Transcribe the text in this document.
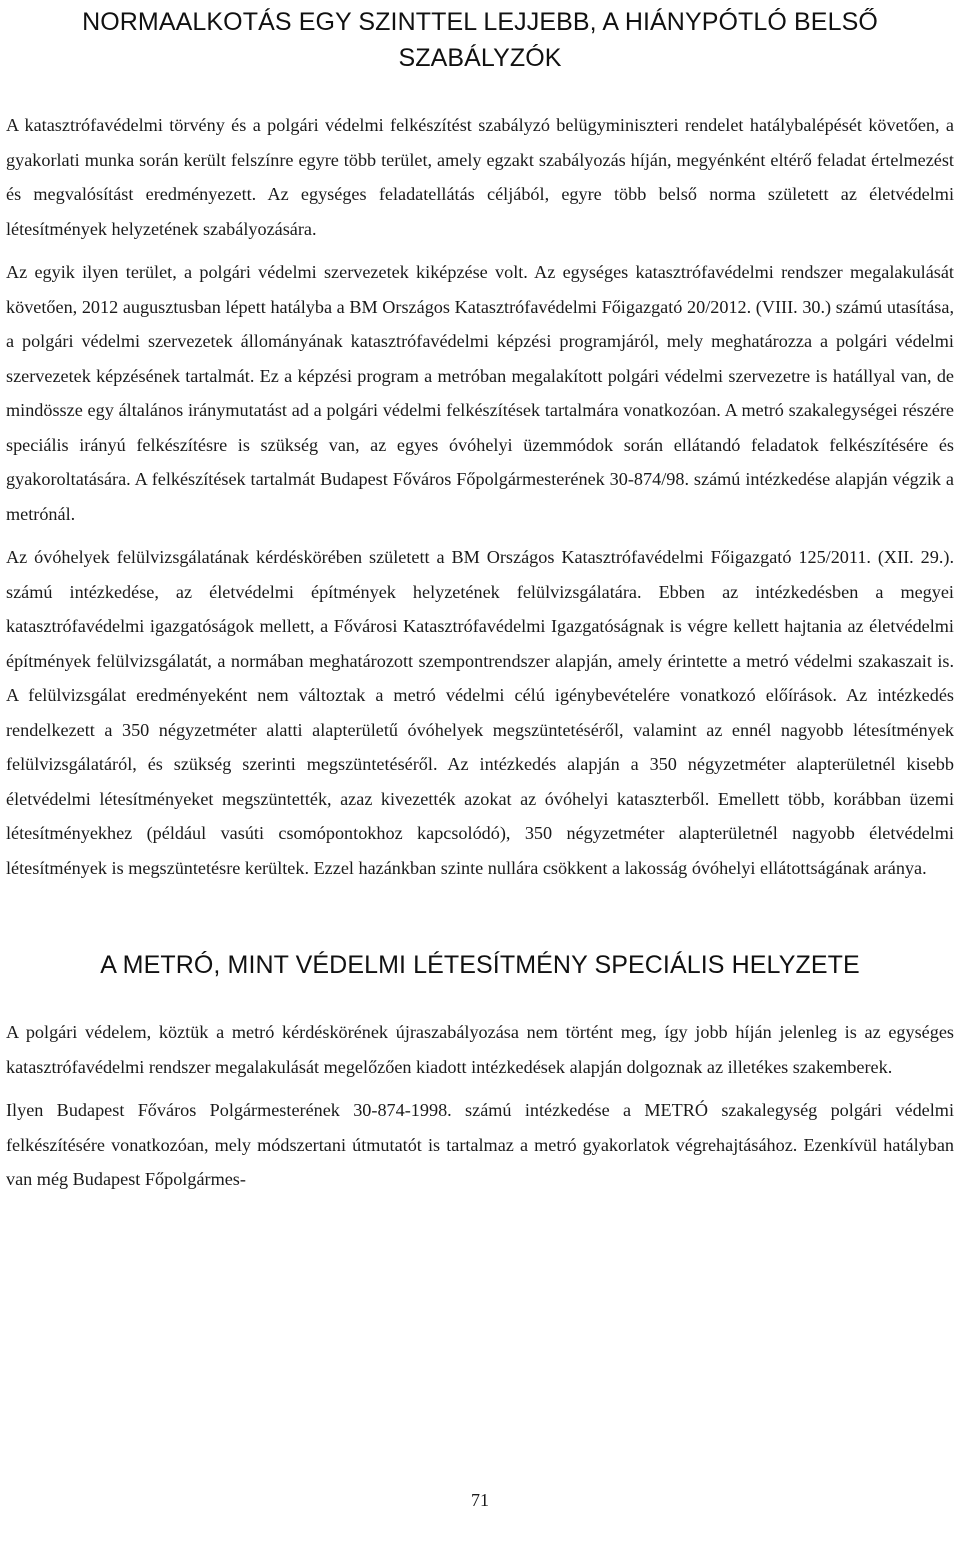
NORMAALKOTÁS EGY SZINTTEL LEJJEBB, A HIÁNYPÓTLÓ BELSŐ SZABÁLYZÓK

A katasztrófavédelmi törvény és a polgári védelmi felkészítést szabályzó belügyminiszteri rendelet hatálybalépését követően, a gyakorlati munka során került felszínre egyre több terület, amely egzakt szabályozás híján, megyénként eltérő feladat értelmezést és megvalósítást eredményezett. Az egységes feladatellátás céljából, egyre több belső norma született az életvédelmi létesítmények helyzetének szabályozására.

Az egyik ilyen terület, a polgári védelmi szervezetek kiképzése volt. Az egységes katasztrófavédelmi rendszer megalakulását követően, 2012 augusztusban lépett hatályba a BM Országos Katasztrófavédelmi Főigazgató 20/2012. (VIII. 30.) számú utasítása, a polgári védelmi szervezetek állományának katasztrófavédelmi képzési programjáról, mely meghatározza a polgári védelmi szervezetek képzésének tartalmát. Ez a képzési program a metróban megalakított polgári védelmi szervezetre is hatállyal van, de mindössze egy általános iránymutatást ad a polgári védelmi felkészítések tartalmára vonatkozóan. A metró szakalegységei részére speciális irányú felkészítésre is szükség van, az egyes óvóhelyi üzemmódok során ellátandó feladatok felkészítésére és gyakoroltatására. A felkészítések tartalmát Budapest Főváros Főpolgármesterének 30-874/98. számú intézkedése alapján végzik a metrónál.

Az óvóhelyek felülvizsgálatának kérdéskörében született a BM Országos Katasztrófavédelmi Főigazgató 125/2011. (XII. 29.). számú intézkedése, az életvédelmi építmények helyzetének felülvizsgálatára. Ebben az intézkedésben a megyei katasztrófavédelmi igazgatóságok mellett, a Fővárosi Katasztrófavédelmi Igazgatóságnak is végre kellett hajtania az életvédelmi építmények felülvizsgálatát, a normában meghatározott szempontrendszer alapján, amely érintette a metró védelmi szakaszait is. A felülvizsgálat eredményeként nem változtak a metró védelmi célú igénybevételére vonatkozó előírások. Az intézkedés rendelkezett a 350 négyzetméter alatti alapterületű óvóhelyek megszüntetéséről, valamint az ennél nagyobb létesítmények felülvizsgálatáról, és szükség szerinti megszüntetéséről. Az intézkedés alapján a 350 négyzetméter alapterületnél kisebb életvédelmi létesítményeket megszüntették, azaz kivezették azokat az óvóhelyi kataszterből. Emellett több, korábban üzemi létesítményekhez (például vasúti csomópontokhoz kapcsolódó), 350 négyzetméter alapterületnél nagyobb életvédelmi létesítmények is megszüntetésre kerültek. Ezzel hazánkban szinte nullára csökkent a lakosság óvóhelyi ellátottságának aránya.

A METRÓ, MINT VÉDELMI LÉTESÍTMÉNY SPECIÁLIS HELYZETE

A polgári védelem, köztük a metró kérdéskörének újraszabályozása nem történt meg, így jobb híján jelenleg is az egységes katasztrófavédelmi rendszer megalakulását megelőzően kiadott intézkedések alapján dolgoznak az illetékes szakemberek.

Ilyen Budapest Főváros Polgármesterének 30-874-1998. számú intézkedése a METRÓ szakalegység polgári védelmi felkészítésére vonatkozóan, mely módszertani útmutatót is tartalmaz a metró gyakorlatok végrehajtásához. Ezenkívül hatályban van még Budapest Főpolgármes-

71
